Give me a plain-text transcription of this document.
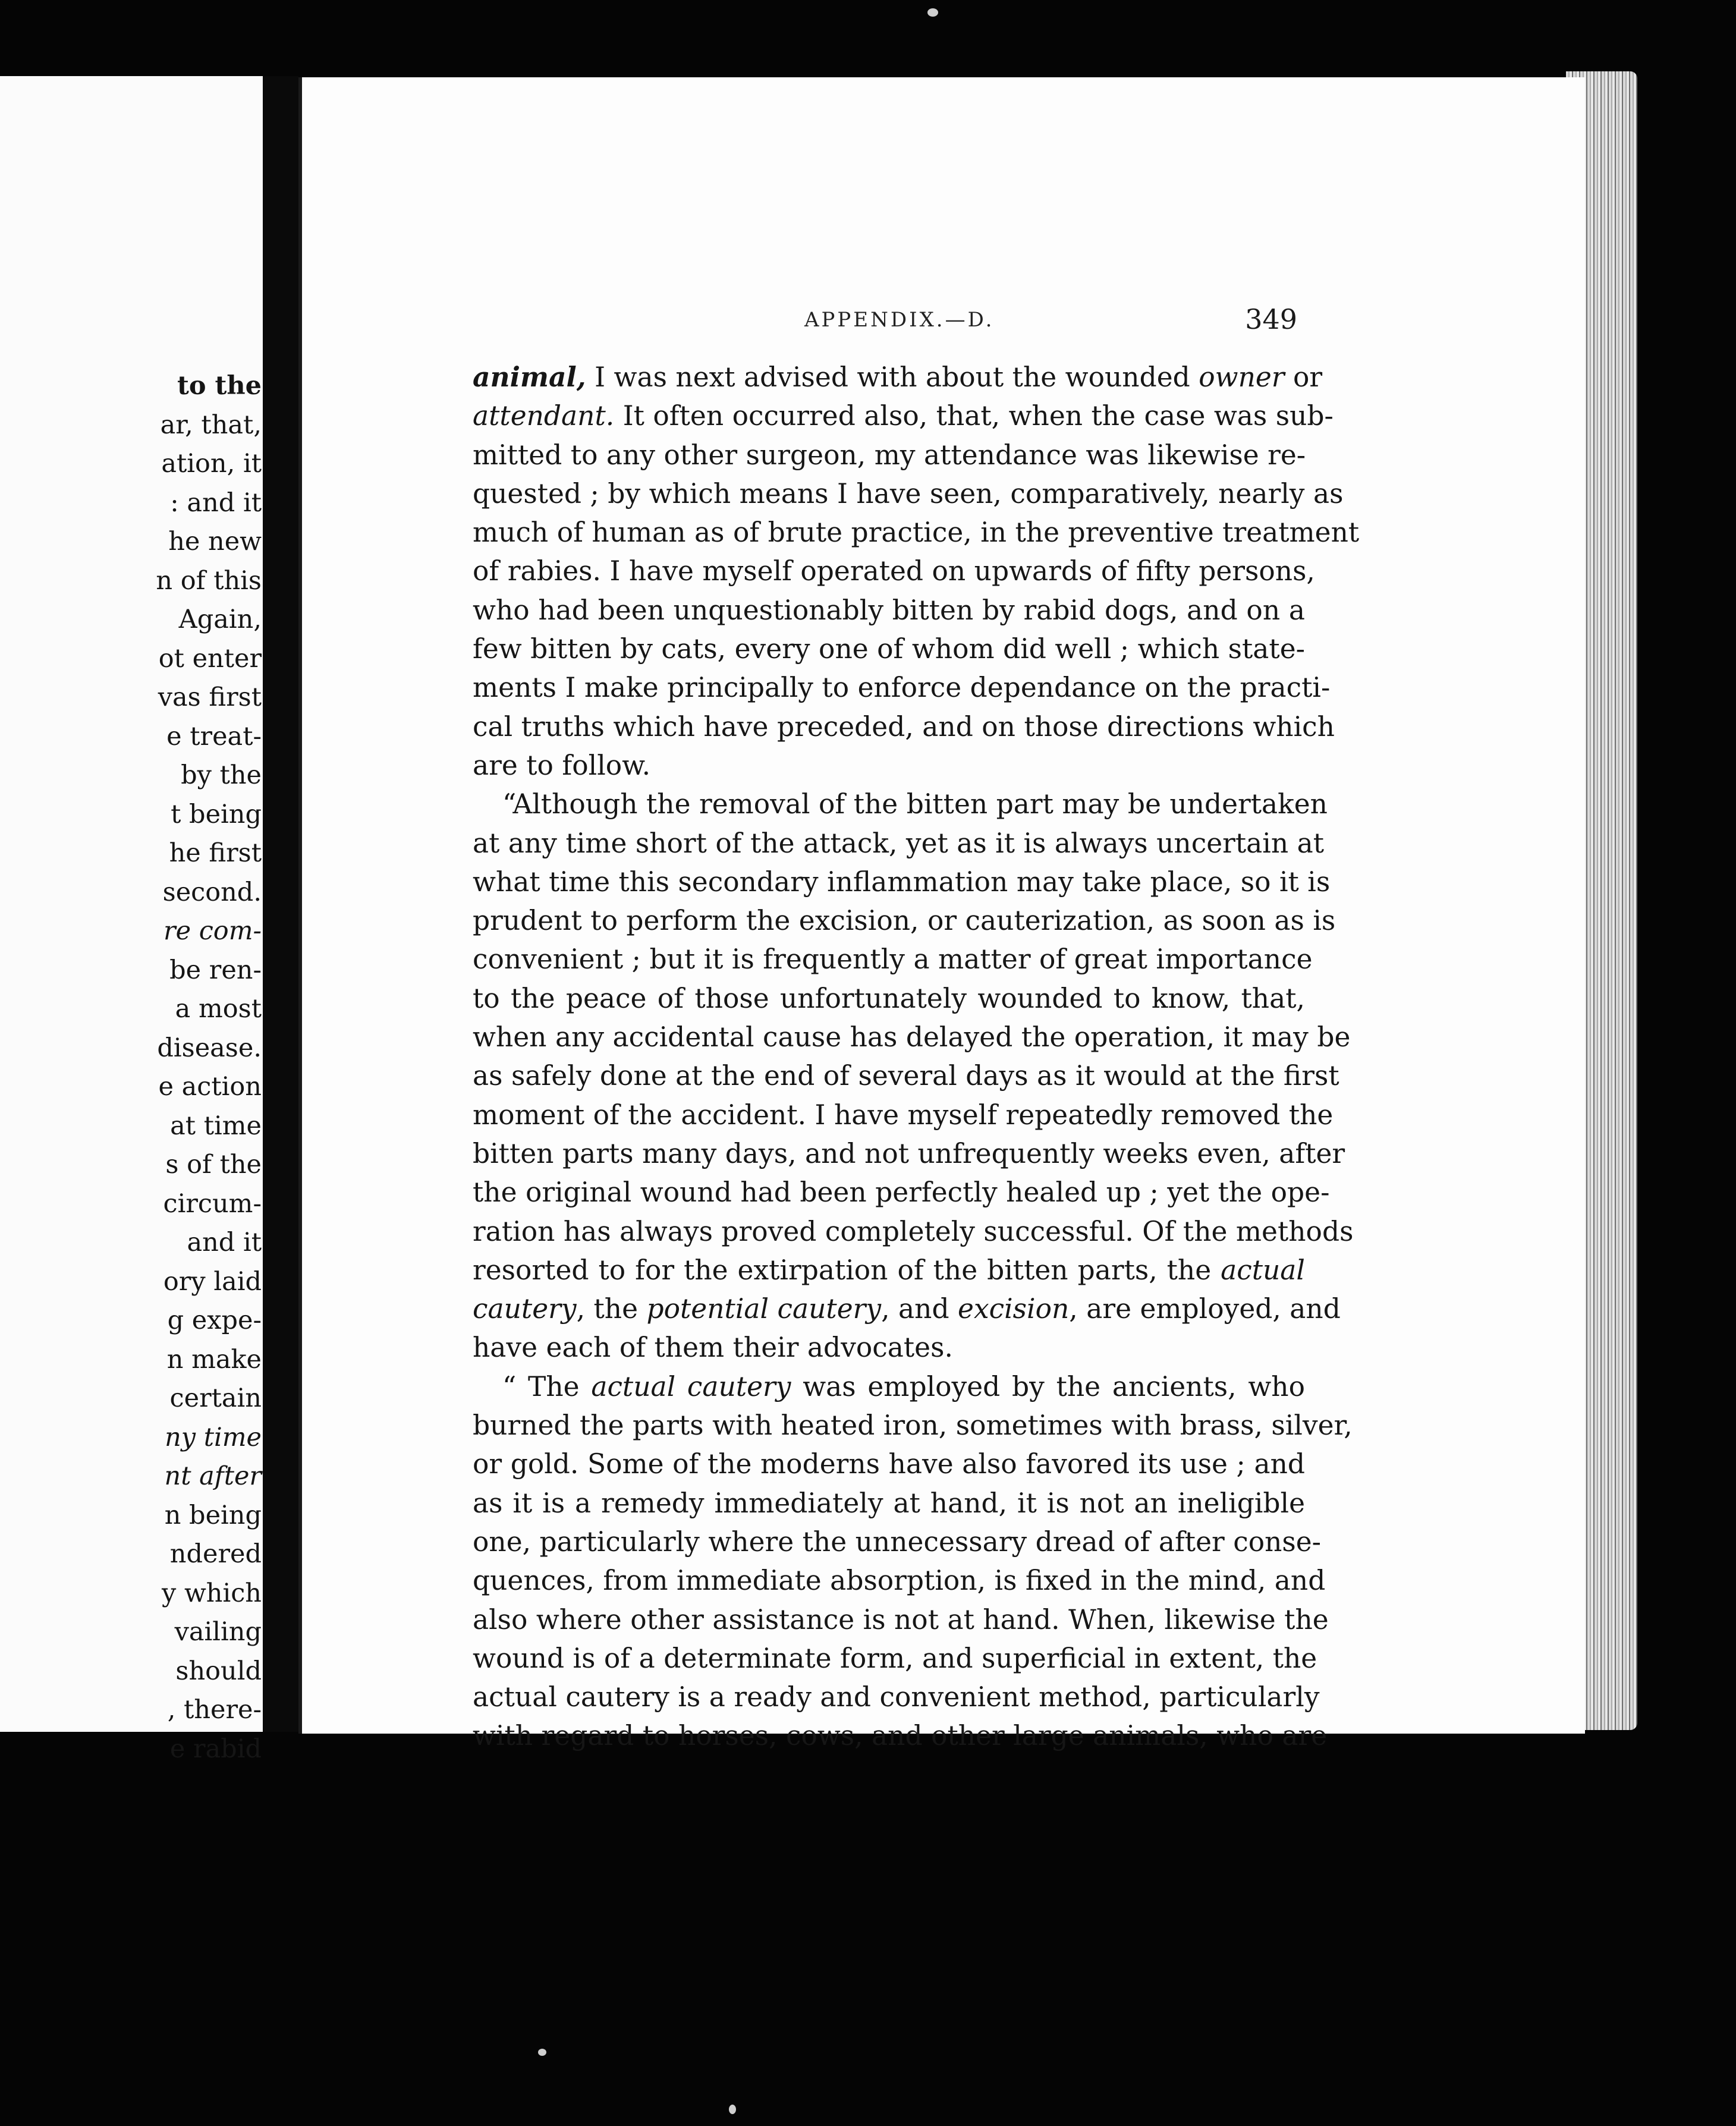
to the
ar, that,
ation, it
: and it
he new
n of this
Again,
ot enter
vas first
e treat-
by the
t being
he first
second.
re com-
be ren-
a most
disease.
e action
at time
s of the
circum-
and it
ory laid
g expe-
n make
certain
ny time
nt after
n being
ndered
y which
vailing
should
, there-
e rabid
APPENDIX.—D.	349

animal, I was next advised with about the wounded owner or
attendant. It often occurred also, that, when the case was sub-
mitted to any other surgeon, my attendance was likewise re-
quested ; by which means I have seen, comparatively, nearly as
much of human as of brute practice, in the preventive treatment
of rabies. I have myself operated on upwards of fifty persons,
who had been unquestionably bitten by rabid dogs, and on a
few bitten by cats, every one of whom did well ; which state-
ments I make principally to enforce dependance on the practi-
cal truths which have preceded, and on those directions which
are to follow.

“Although the removal of the bitten part may be undertaken
at any time short of the attack, yet as it is always uncertain at
what time this secondary inflammation may take place, so it is
prudent to perform the excision, or cauterization, as soon as is
convenient ; but it is frequently a matter of great importance
to the peace of those unfortunately wounded to know, that,
when any accidental cause has delayed the operation, it may be
as safely done at the end of several days as it would at the first
moment of the accident. I have myself repeatedly removed the
bitten parts many days, and not unfrequently weeks even, after
the original wound had been perfectly healed up ; yet the ope-
ration has always proved completely successful. Of the methods
resorted to for the extirpation of the bitten parts, the actual
cautery, the potential cautery, and excision, are employed, and
have each of them their advocates.

“ The actual cautery was employed by the ancients, who
burned the parts with heated iron, sometimes with brass, silver,
or gold. Some of the moderns have also favored its use ; and
as it is a remedy immediately at hand, it is not an ineligible
one, particularly where the unnecessary dread of after conse-
quences, from immediate absorption, is fixed in the mind, and
also where other assistance is not at hand. When, likewise the
wound is of a determinate form, and superficial in extent, the
actual cautery is a ready and convenient method, particularly
with regard to horses, cows, and other large animals, who are
